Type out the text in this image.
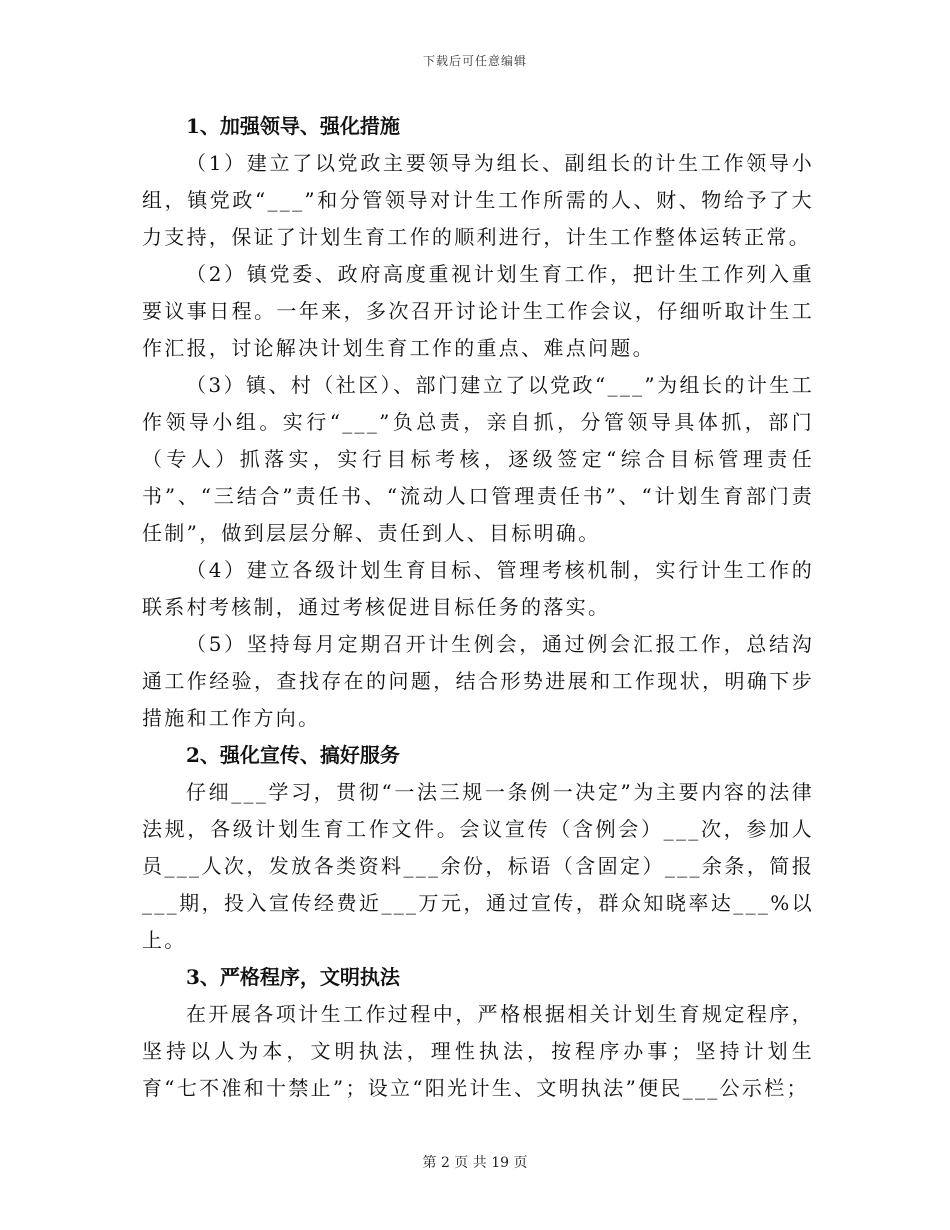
下载后可任意编辑
1、加强领导、强化措施

（1）建立了以党政主要领导为组长、副组长的计生工作领导小组，镇党政“___”和分管领导对计生工作所需的人、财、物给予了大力支持，保证了计划生育工作的顺利进行，计生工作整体运转正常。

（2）镇党委、政府高度重视计划生育工作，把计生工作列入重要议事日程。一年来，多次召开讨论计生工作会议，仔细听取计生工作汇报，讨论解决计划生育工作的重点、难点问题。

（3）镇、村（社区）、部门建立了以党政“___”为组长的计生工作领导小组。实行“___”负总责，亲自抓，分管领导具体抓，部门（专人）抓落实，实行目标考核，逐级签定“综合目标管理责任书”、“三结合”责任书、“流动人口管理责任书”、“计划生育部门责任制”，做到层层分解、责任到人、目标明确。

（4）建立各级计划生育目标、管理考核机制，实行计生工作的联系村考核制，通过考核促进目标任务的落实。

（5）坚持每月定期召开计生例会，通过例会汇报工作，总结沟通工作经验，查找存在的问题，结合形势进展和工作现状，明确下步措施和工作方向。

2、强化宣传、搞好服务

仔细___学习，贯彻“一法三规一条例一决定”为主要内容的法律法规，各级计划生育工作文件。会议宣传（含例会）___次，参加人员___人次，发放各类资料___余份，标语（含固定）___余条，简报___期，投入宣传经费近___万元，通过宣传，群众知晓率达___%以上。

3、严格程序，文明执法

在开展各项计生工作过程中，严格根据相关计划生育规定程序，坚持以人为本，文明执法，理性执法，按程序办事；坚持计划生育“七不准和十禁止”；设立“阳光计生、文明执法”便民___公示栏；

第 2 页 共 19 页
